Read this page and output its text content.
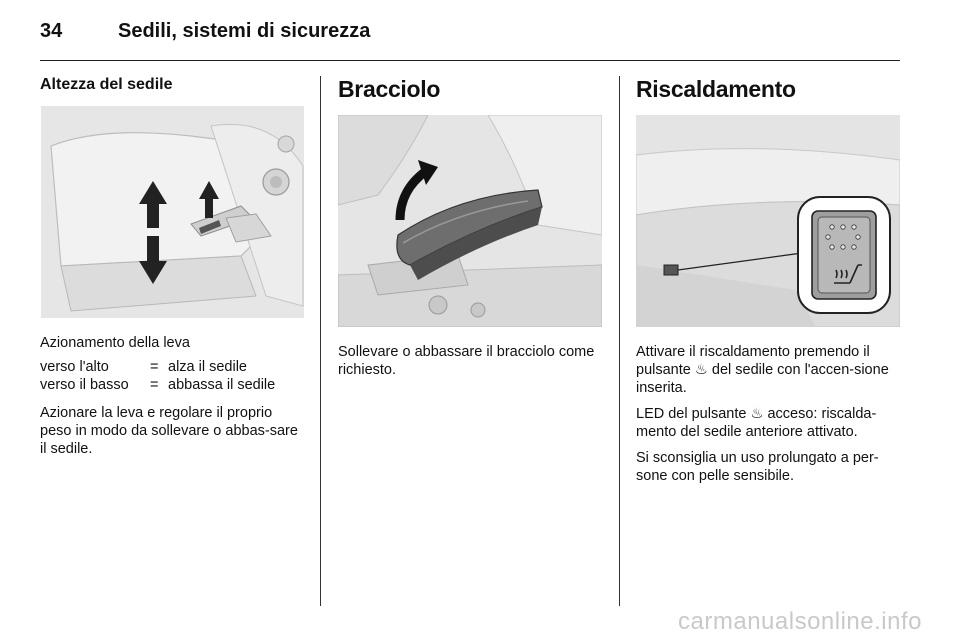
34	Sedili, sistemi di sicurezza
Altezza del sedile

Azionamento della leva

verso l'alto	=	alza il sedile
verso il basso	=	abbassa il sedile

Azionare la leva e regolare il proprio peso in modo da sollevare o abbas-sare il sedile.

Bracciolo

Sollevare o abbassare il bracciolo come richiesto.

Riscaldamento

Attivare il riscaldamento premendo il pulsante ♨ del sedile con l'accen-sione inserita.

LED del pulsante ♨ acceso: riscalda-mento del sedile anteriore attivato.

Si sconsiglia un uso prolungato a per-sone con pelle sensibile.

carmanualsonline.info
